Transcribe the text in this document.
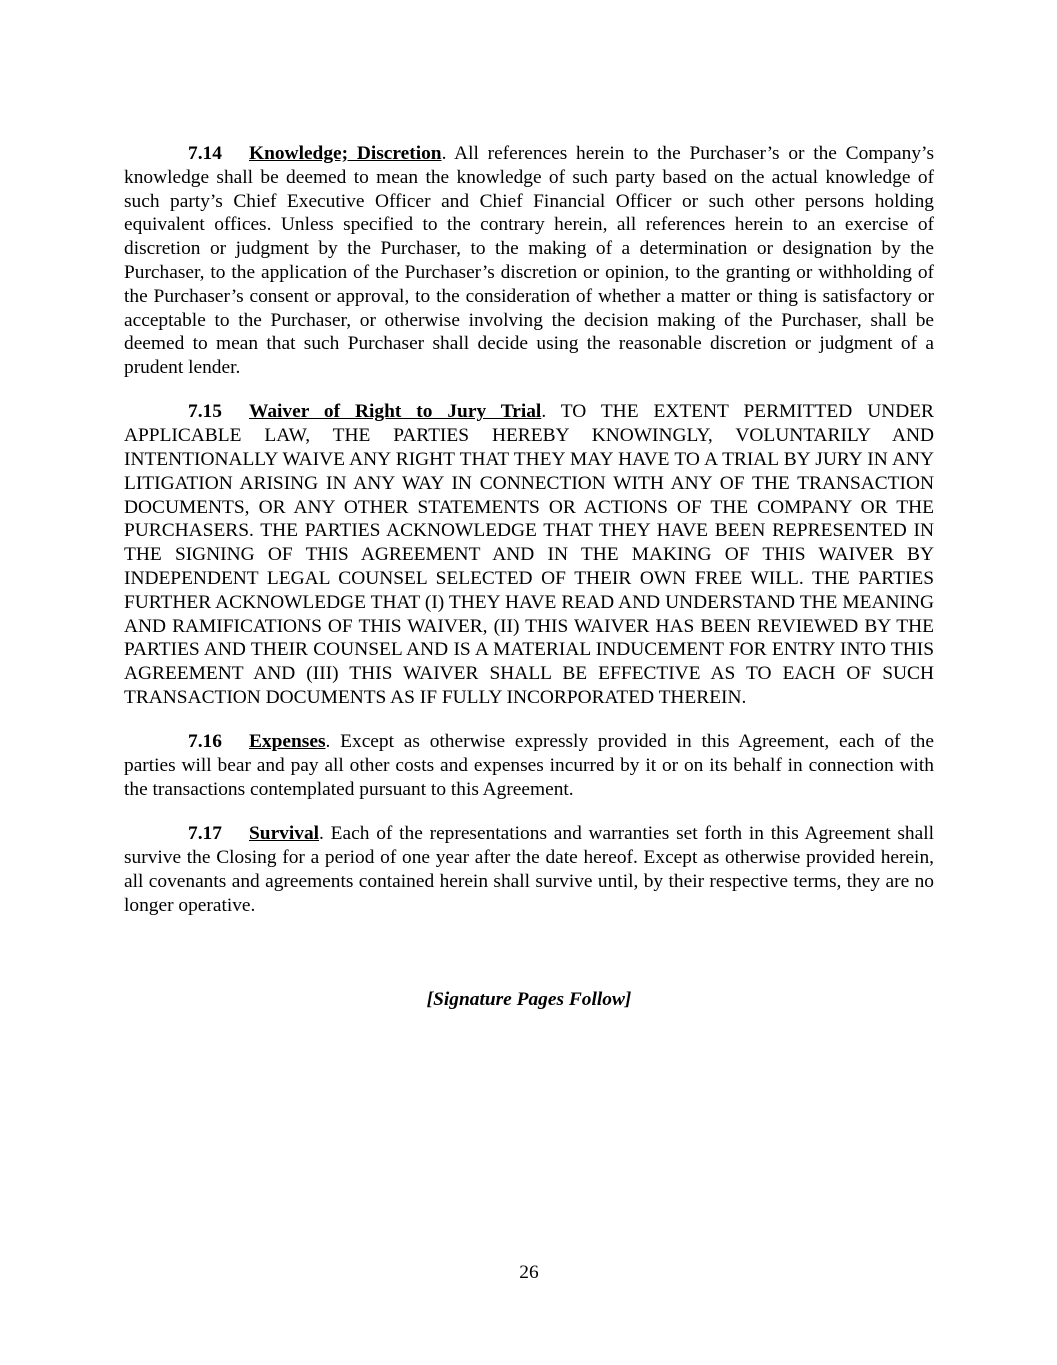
7.14 Knowledge; Discretion. All references herein to the Purchaser’s or the Company’s knowledge shall be deemed to mean the knowledge of such party based on the actual knowledge of such party’s Chief Executive Officer and Chief Financial Officer or such other persons holding equivalent offices. Unless specified to the contrary herein, all references herein to an exercise of discretion or judgment by the Purchaser, to the making of a determination or designation by the Purchaser, to the application of the Purchaser’s discretion or opinion, to the granting or withholding of the Purchaser’s consent or approval, to the consideration of whether a matter or thing is satisfactory or acceptable to the Purchaser, or otherwise involving the decision making of the Purchaser, shall be deemed to mean that such Purchaser shall decide using the reasonable discretion or judgment of a prudent lender.

7.15 Waiver of Right to Jury Trial. TO THE EXTENT PERMITTED UNDER APPLICABLE LAW, THE PARTIES HEREBY KNOWINGLY, VOLUNTARILY AND INTENTIONALLY WAIVE ANY RIGHT THAT THEY MAY HAVE TO A TRIAL BY JURY IN ANY LITIGATION ARISING IN ANY WAY IN CONNECTION WITH ANY OF THE TRANSACTION DOCUMENTS, OR ANY OTHER STATEMENTS OR ACTIONS OF THE COMPANY OR THE PURCHASERS. THE PARTIES ACKNOWLEDGE THAT THEY HAVE BEEN REPRESENTED IN THE SIGNING OF THIS AGREEMENT AND IN THE MAKING OF THIS WAIVER BY INDEPENDENT LEGAL COUNSEL SELECTED OF THEIR OWN FREE WILL. THE PARTIES FURTHER ACKNOWLEDGE THAT (I) THEY HAVE READ AND UNDERSTAND THE MEANING AND RAMIFICATIONS OF THIS WAIVER, (II) THIS WAIVER HAS BEEN REVIEWED BY THE PARTIES AND THEIR COUNSEL AND IS A MATERIAL INDUCEMENT FOR ENTRY INTO THIS AGREEMENT AND (III) THIS WAIVER SHALL BE EFFECTIVE AS TO EACH OF SUCH TRANSACTION DOCUMENTS AS IF FULLY INCORPORATED THEREIN.

7.16 Expenses. Except as otherwise expressly provided in this Agreement, each of the parties will bear and pay all other costs and expenses incurred by it or on its behalf in connection with the transactions contemplated pursuant to this Agreement.

7.17 Survival. Each of the representations and warranties set forth in this Agreement shall survive the Closing for a period of one year after the date hereof. Except as otherwise provided herein, all covenants and agreements contained herein shall survive until, by their respective terms, they are no longer operative.

[Signature Pages Follow]
26
